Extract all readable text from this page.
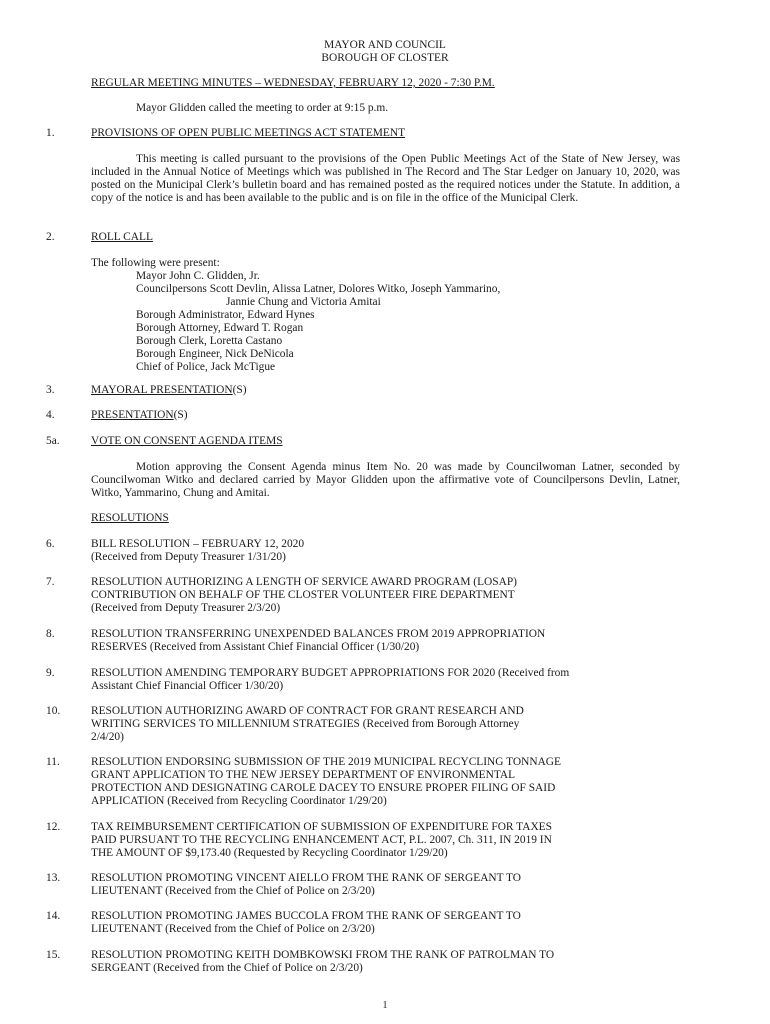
MAYOR AND COUNCIL
BOROUGH OF CLOSTER
REGULAR MEETING MINUTES – WEDNESDAY, FEBRUARY 12, 2020 - 7:30 P.M.
Mayor Glidden called the meeting to order at 9:15 p.m.
1.	PROVISIONS OF OPEN PUBLIC MEETINGS ACT STATEMENT

This meeting is called pursuant to the provisions of the Open Public Meetings Act of the State of New Jersey, was included in the Annual Notice of Meetings which was published in The Record and The Star Ledger on January 10, 2020, was posted on the Municipal Clerk’s bulletin board and has remained posted as the required notices under the Statute. In addition, a copy of the notice is and has been available to the public and is on file in the office of the Municipal Clerk.

2.	ROLL CALL
The following were present:
Mayor John C. Glidden, Jr.
Councilpersons Scott Devlin, Alissa Latner, Dolores Witko, Joseph Yammarino,
Jannie Chung and Victoria Amitai
Borough Administrator, Edward Hynes
Borough Attorney, Edward T. Rogan
Borough Clerk, Loretta Castano
Borough Engineer, Nick DeNicola
Chief of Police, Jack McTigue
3.	MAYORAL PRESENTATION(S)
4.	PRESENTATION(S)
5a.	VOTE ON CONSENT AGENDA ITEMS

Motion approving the Consent Agenda minus Item No. 20 was made by Councilwoman Latner, seconded by Councilwoman Witko and declared carried by Mayor Glidden upon the affirmative vote of Councilpersons Devlin, Latner, Witko, Yammarino, Chung and Amitai.

RESOLUTIONS
6.	BILL RESOLUTION – FEBRUARY 12, 2020
(Received from Deputy Treasurer 1/31/20)
7.	RESOLUTION AUTHORIZING A LENGTH OF SERVICE AWARD PROGRAM (LOSAP)
CONTRIBUTION ON BEHALF OF THE CLOSTER VOLUNTEER FIRE DEPARTMENT
(Received from Deputy Treasurer 2/3/20)
8.	RESOLUTION TRANSFERRING UNEXPENDED BALANCES FROM 2019 APPROPRIATION
RESERVES (Received from Assistant Chief Financial Officer (1/30/20)
9.	RESOLUTION AMENDING TEMPORARY BUDGET APPROPRIATIONS FOR 2020 (Received from
Assistant Chief Financial Officer 1/30/20)
10.	RESOLUTION AUTHORIZING AWARD OF CONTRACT FOR GRANT RESEARCH AND
WRITING SERVICES TO MILLENNIUM STRATEGIES (Received from Borough Attorney
2/4/20)
11.	RESOLUTION ENDORSING SUBMISSION OF THE 2019 MUNICIPAL RECYCLING TONNAGE
GRANT APPLICATION TO THE NEW JERSEY DEPARTMENT OF ENVIRONMENTAL
PROTECTION AND DESIGNATING CAROLE DACEY TO ENSURE PROPER FILING OF SAID
APPLICATION (Received from Recycling Coordinator 1/29/20)
12.	TAX REIMBURSEMENT CERTIFICATION OF SUBMISSION OF EXPENDITURE FOR TAXES
PAID PURSUANT TO THE RECYCLING ENHANCEMENT ACT, P.L. 2007, Ch. 311, IN 2019 IN
THE AMOUNT OF $9,173.40 (Requested by Recycling Coordinator 1/29/20)
13.	RESOLUTION PROMOTING VINCENT AIELLO FROM THE RANK OF SERGEANT TO
LIEUTENANT (Received from the Chief of Police on 2/3/20)
14.	RESOLUTION PROMOTING JAMES BUCCOLA FROM THE RANK OF SERGEANT TO
LIEUTENANT (Received from the Chief of Police on 2/3/20)
15.	RESOLUTION PROMOTING KEITH DOMBKOWSKI FROM THE RANK OF PATROLMAN TO
SERGEANT (Received from the Chief of Police on 2/3/20)
1
